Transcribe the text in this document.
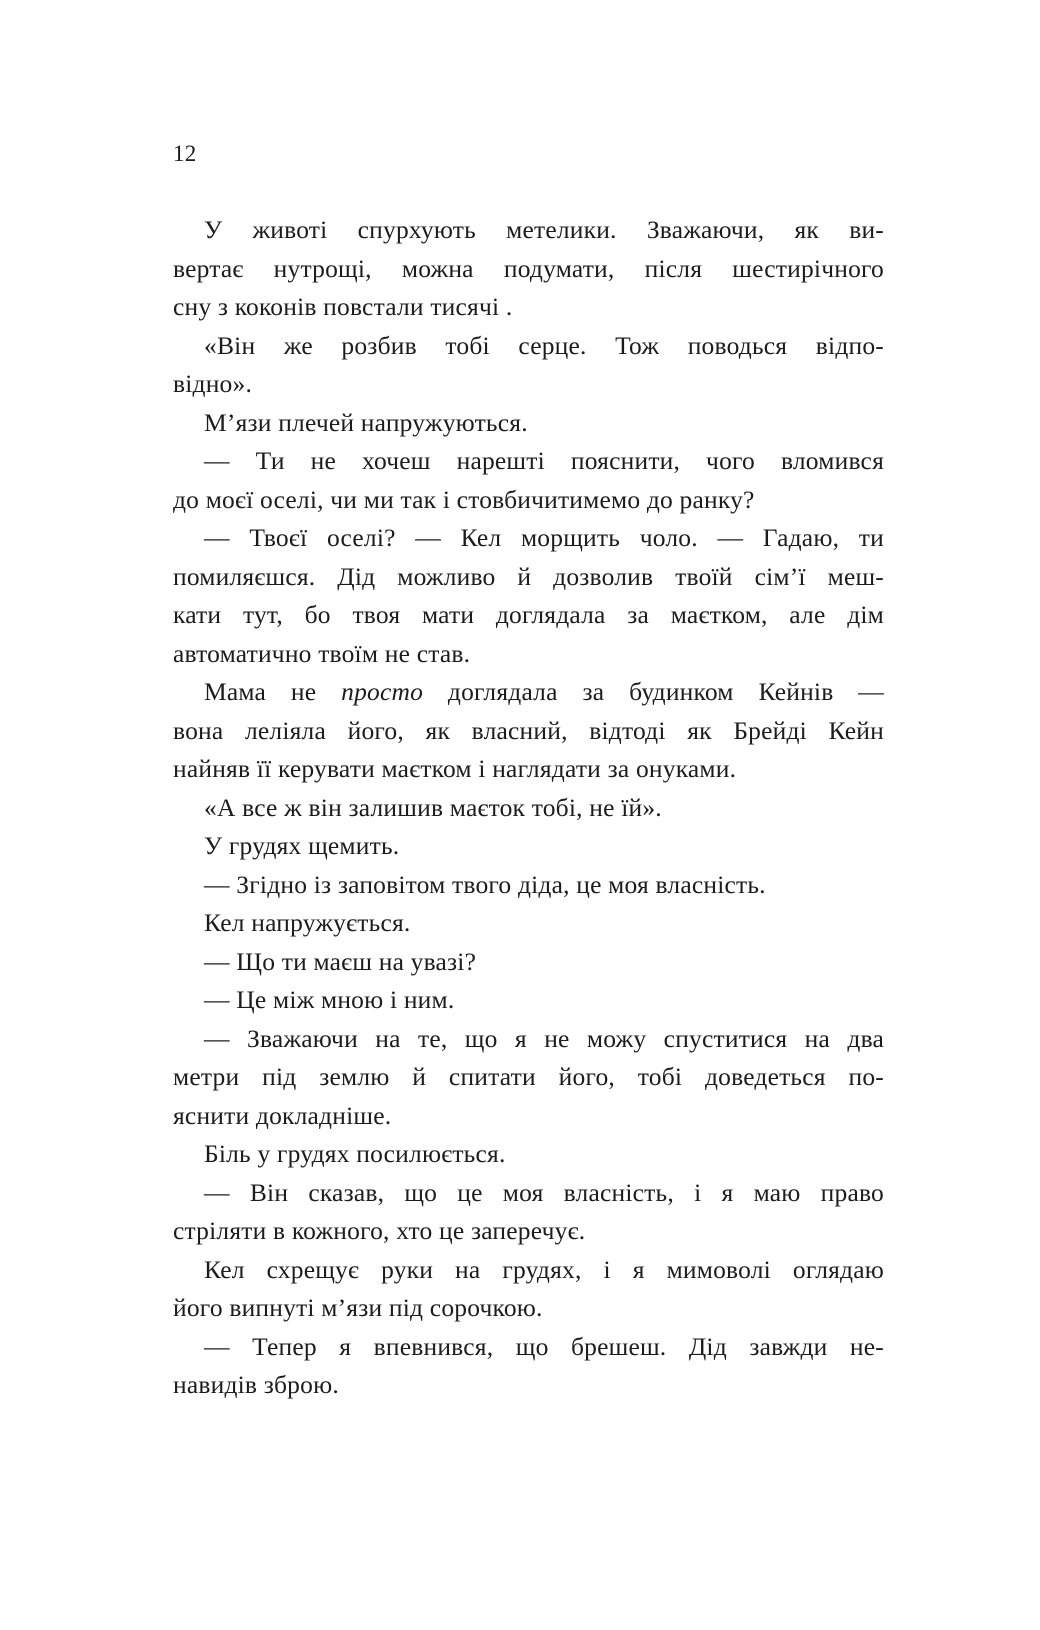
12

У животі спурхують метелики. Зважаючи, як ви-
вертає нутрощі, можна подумати, після шестирічного
сну з коконів повстали тисячі .

«Він же розбив тобі серце. Тож поводься відпо-
відно».

М’язи плечей напружуються.

— Ти не хочеш нарешті пояснити, чого вломився
до моєї оселі, чи ми так і стовбичитимемо до ранку?

— Твоєї оселі? — Кел морщить чоло. — Гадаю, ти
помиляєшся. Дід можливо й дозволив твоїй сім’ї меш-
кати тут, бо твоя мати доглядала за маєтком, але дім
автоматично твоїм не став.

Мама не просто доглядала за будинком Кейнів —
вона леліяла його, як власний, відтоді як Брейді Кейн
найняв її керувати маєтком і наглядати за онуками.

«А все ж він залишив маєток тобі, не їй».

У грудях щемить.

— Згідно із заповітом твого діда, це моя власність.

Кел напружується.

— Що ти маєш на увазі?

— Це між мною і ним.

— Зважаючи на те, що я не можу спуститися на два
метри під землю й спитати його, тобі доведеться по-
яснити докладніше.

Біль у грудях посилюється.

— Він сказав, що це моя власність, і я маю право
стріляти в кожного, хто це заперечує.

Кел схрещує руки на грудях, і я мимоволі оглядаю
його випнуті м’язи під сорочкою.

— Тепер я впевнився, що брешеш. Дід завжди не-
навидів зброю.
